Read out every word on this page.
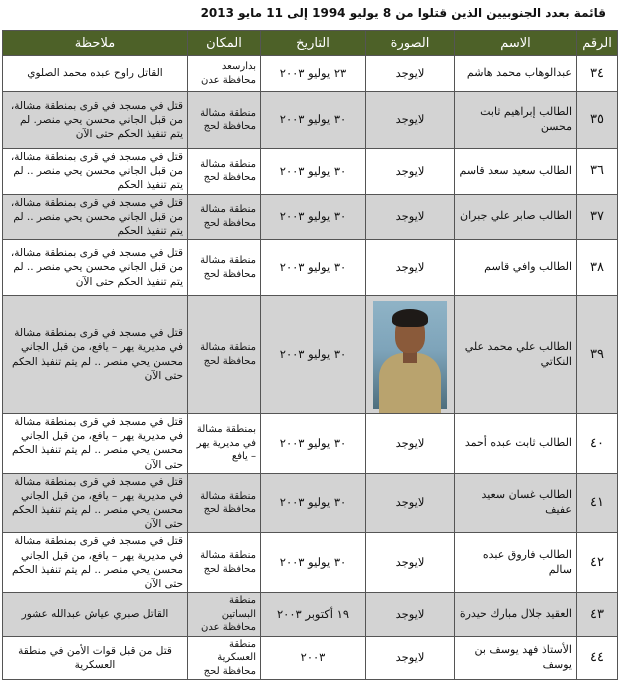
قائمة بعدد الجنوبيين الذين قتلوا من 8 يوليو 1994 إلى 11 مايو 2013
الرقم	الاسم	الصورة	التاريخ	المكان	ملاحظة
٣٤	عبدالوهاب محمد هاشم	لايوجد	٢٣ يوليو ٢٠٠٣	بدارسعد محافظة عدن	القاتل راوح عبده محمد الصلوي
٣٥	الطالب إبراهيم ثابت محسن	لايوجد	٣٠ يوليو ٢٠٠٣	منطقة مشالة محافظة لحج	قتل في مسجد في قرى بمنطقة مشالة، من قبل الجاني محسن يحي منصر. لم يتم تنفيذ الحكم حتى الآن
٣٦	الطالب سعيد سعد قاسم	لايوجد	٣٠ يوليو ٢٠٠٣	منطقة مشالة محافظة لحج	قتل في مسجد في قرى بمنطقة مشالة، من قبل الجاني محسن يحي منصر .. لم يتم تنفيذ الحكم
٣٧	الطالب صابر علي جبران	لايوجد	٣٠ يوليو ٢٠٠٣	منطقة مشالة محافظة لحج	قتل في مسجد في قرى بمنطقة مشالة، من قبل الجاني محسن يحي منصر .. لم يتم تنفيذ الحكم
٣٨	الطالب وافي قاسم	لايوجد	٣٠ يوليو ٢٠٠٣	منطقة مشالة محافظة لحج	قتل في مسجد في قرى بمنطقة مشالة، من قبل الجاني محسن يحي منصر .. لم يتم تنفيذ الحكم حتى الآن
٣٩	الطالب علي محمد علي النكاتي		٣٠ يوليو ٢٠٠٣	منطقة مشالة محافظة لحج	قتل في مسجد في قرى بمنطقة مشالة في مديرية يهر – يافع، من قبل الجاني محسن يحي منصر .. لم يتم تنفيذ الحكم حتى الآن
٤٠	الطالب ثابت عبده أحمد	لايوجد	٣٠ يوليو ٢٠٠٣	بمنطقة مشالة في مديرية يهر – يافع	قتل في مسجد في قرى بمنطقة مشالة في مديرية يهر – يافع، من قبل الجاني محسن يحي منصر .. لم يتم تنفيذ الحكم حتى الآن
٤١	الطالب غسان سعيد عفيف	لايوجد	٣٠ يوليو ٢٠٠٣	منطقة مشالة محافظة لحج	قتل في مسجد في قرى بمنطقة مشالة في مديرية يهر – يافع، من قبل الجاني محسن يحي منصر .. لم يتم تنفيذ الحكم حتى الآن
٤٢	الطالب فاروق عبده سالم	لايوجد	٣٠ يوليو ٢٠٠٣	منطقة مشالة محافظة لحج	قتل في مسجد في قرى بمنطقة مشالة في مديرية يهر – يافع، من قبل الجاني محسن يحي منصر .. لم يتم تنفيذ الحكم حتى الآن
٤٣	العقيد جلال مبارك حيدرة	لايوجد	١٩ أكتوبر ٢٠٠٣	منطقة البساتين محافظة عدن	القاتل صبري عياش عبدالله عشور
٤٤	الأستاذ فهد يوسف بن يوسف	لايوجد	٢٠٠٣	منطقة العسكرية محافظة لحج	قتل من قبل قوات الأمن في منطقة العسكرية
